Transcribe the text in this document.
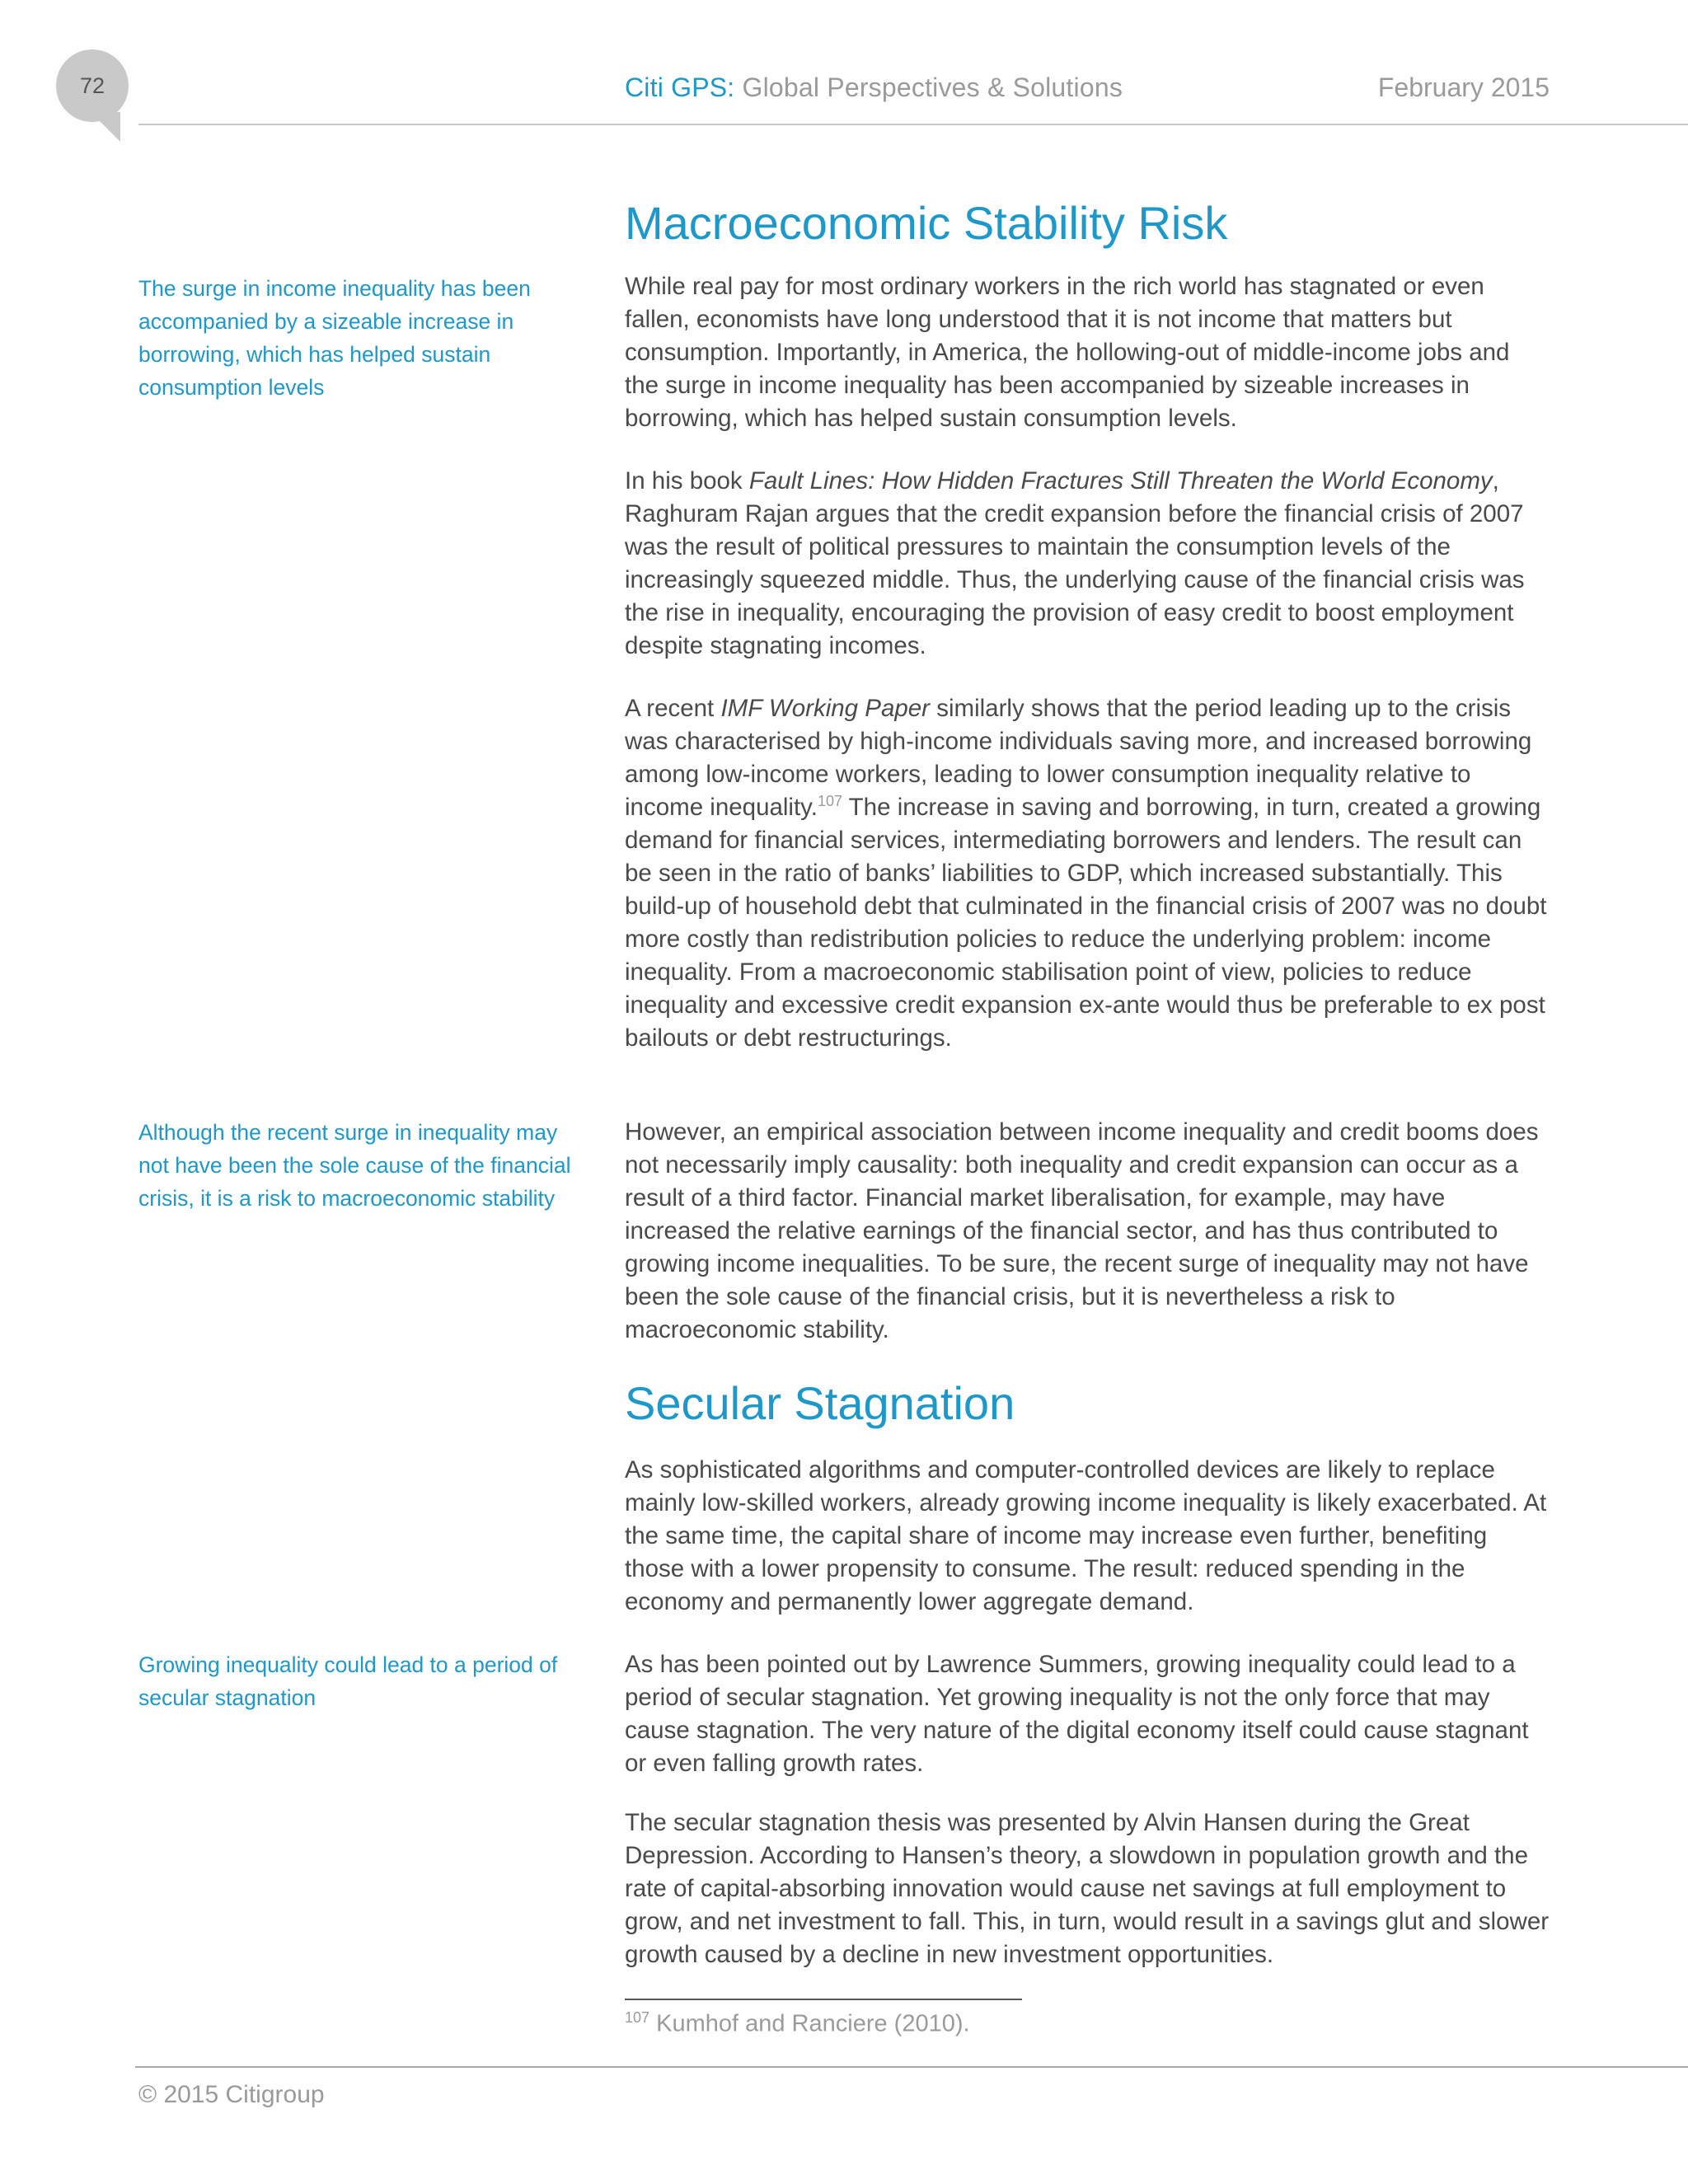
72	Citi GPS: Global Perspectives & Solutions	February 2015
Macroeconomic Stability Risk

The surge in income inequality has been accompanied by a sizeable increase in borrowing, which has helped sustain consumption levels

While real pay for most ordinary workers in the rich world has stagnated or even fallen, economists have long understood that it is not income that matters but consumption. Importantly, in America, the hollowing-out of middle-income jobs and the surge in income inequality has been accompanied by sizeable increases in borrowing, which has helped sustain consumption levels.

In his book Fault Lines: How Hidden Fractures Still Threaten the World Economy, Raghuram Rajan argues that the credit expansion before the financial crisis of 2007 was the result of political pressures to maintain the consumption levels of the increasingly squeezed middle. Thus, the underlying cause of the financial crisis was the rise in inequality, encouraging the provision of easy credit to boost employment despite stagnating incomes.

A recent IMF Working Paper similarly shows that the period leading up to the crisis was characterised by high-income individuals saving more, and increased borrowing among low-income workers, leading to lower consumption inequality relative to income inequality.$^{107}$ The increase in saving and borrowing, in turn, created a growing demand for financial services, intermediating borrowers and lenders. The result can be seen in the ratio of banks’ liabilities to GDP, which increased substantially. This build-up of household debt that culminated in the financial crisis of 2007 was no doubt more costly than redistribution policies to reduce the underlying problem: income inequality. From a macroeconomic stabilisation point of view, policies to reduce inequality and excessive credit expansion ex-ante would thus be preferable to ex post bailouts or debt restructurings.

Although the recent surge in inequality may not have been the sole cause of the financial crisis, it is a risk to macroeconomic stability

However, an empirical association between income inequality and credit booms does not necessarily imply causality: both inequality and credit expansion can occur as a result of a third factor. Financial market liberalisation, for example, may have increased the relative earnings of the financial sector, and has thus contributed to growing income inequalities. To be sure, the recent surge of inequality may not have been the sole cause of the financial crisis, but it is nevertheless a risk to macroeconomic stability.

Secular Stagnation

As sophisticated algorithms and computer-controlled devices are likely to replace mainly low-skilled workers, already growing income inequality is likely exacerbated. At the same time, the capital share of income may increase even further, benefiting those with a lower propensity to consume. The result: reduced spending in the economy and permanently lower aggregate demand.

Growing inequality could lead to a period of secular stagnation

As has been pointed out by Lawrence Summers, growing inequality could lead to a period of secular stagnation. Yet growing inequality is not the only force that may cause stagnation. The very nature of the digital economy itself could cause stagnant or even falling growth rates.

The secular stagnation thesis was presented by Alvin Hansen during the Great Depression. According to Hansen’s theory, a slowdown in population growth and the rate of capital-absorbing innovation would cause net savings at full employment to grow, and net investment to fall. This, in turn, would result in a savings glut and slower growth caused by a decline in new investment opportunities.

$^{107}$ Kumhof and Ranciere (2010).
© 2015 Citigroup
